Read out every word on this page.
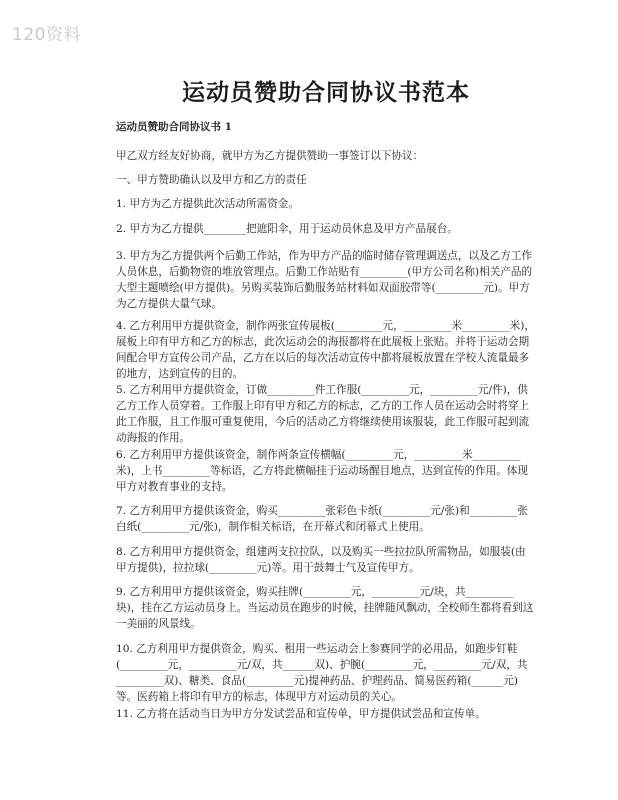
120资料
运动员赞助合同协议书范本

运动员赞助合同协议书 1

甲乙双方经友好协商，就甲方为乙方提供赞助一事签订以下协议：

一、甲方赞助确认以及甲方和乙方的责任

1. 甲方为乙方提供此次活动所需资金。

2. 甲方为乙方提供________把遮阳伞，用于运动员休息及甲方产品展台。

3. 甲方为乙方提供两个后勤工作站，作为甲方产品的临时储存管理调送点，以及乙方工作人员休息，后勤物资的堆放管理点。后勤工作站贴有_________(甲方公司名称)相关产品的大型主题喷绘(甲方提供)。另购买装饰后勤服务站材料如双面胶带等(_________元)。甲方为乙方提供大量气球。

4. 乙方利用甲方提供资金，制作两张宣传展板(_________元，_________米_________米)，展板上印有甲方和乙方的标志，此次运动会的海报都将在此展板上张贴。并将于运动会期间配合甲方宣传公司产品，乙方在以后的每次活动宣传中都将展板放置在学校人流量最多的地方，达到宣传的目的。

5. 乙方利用甲方提供资金，订做_________件工作服(_________元，_________元/件)，供乙方工作人员穿着。工作服上印有甲方和乙方的标志，乙方的工作人员在运动会时将穿上此工作服，且工作服可重复使用，今后的活动乙方将继续使用该服装，此工作服可起到流动海报的作用。

6. 乙方利用甲方提供该资金，制作两条宣传横幅(_________元，_________米_________米)，上书_________等标语，乙方将此横幅挂于运动场醒目地点，达到宣传的作用。体现甲方对教育事业的支持。

7. 乙方利用甲方提供该资金，购买_________张彩色卡纸(_________元/张)和_________张白纸(_________元/张)，制作相关标语，在开幕式和闭幕式上使用。

8. 乙方利用甲方提供资金，组建两支拉拉队，以及购买一些拉拉队所需物品，如服装(由甲方提供)，拉拉球(_________元)等。用于鼓舞士气及宣传甲方。

9. 乙方利用甲方提供该资金，购买挂牌(_________元，_________元/块，共_________块)，挂在乙方运动员身上。当运动员在跑步的时候，挂牌随风飘动，全校师生都将看到这一美丽的风景线。

10. 乙方利用甲方提供资金，购买、租用一些运动会上参赛同学的必用品，如跑步钉鞋(_________元，_________元/双，共______双)、护腕(_________元，_________元/双，共_________双)、糖类、食品(_________元)提神药品、护理药品、简易医药箱(______元)等。医药箱上将印有甲方的标志，体现甲方对运动员的关心。

11. 乙方将在活动当日为甲方分发试尝品和宣传单，甲方提供试尝品和宣传单。
